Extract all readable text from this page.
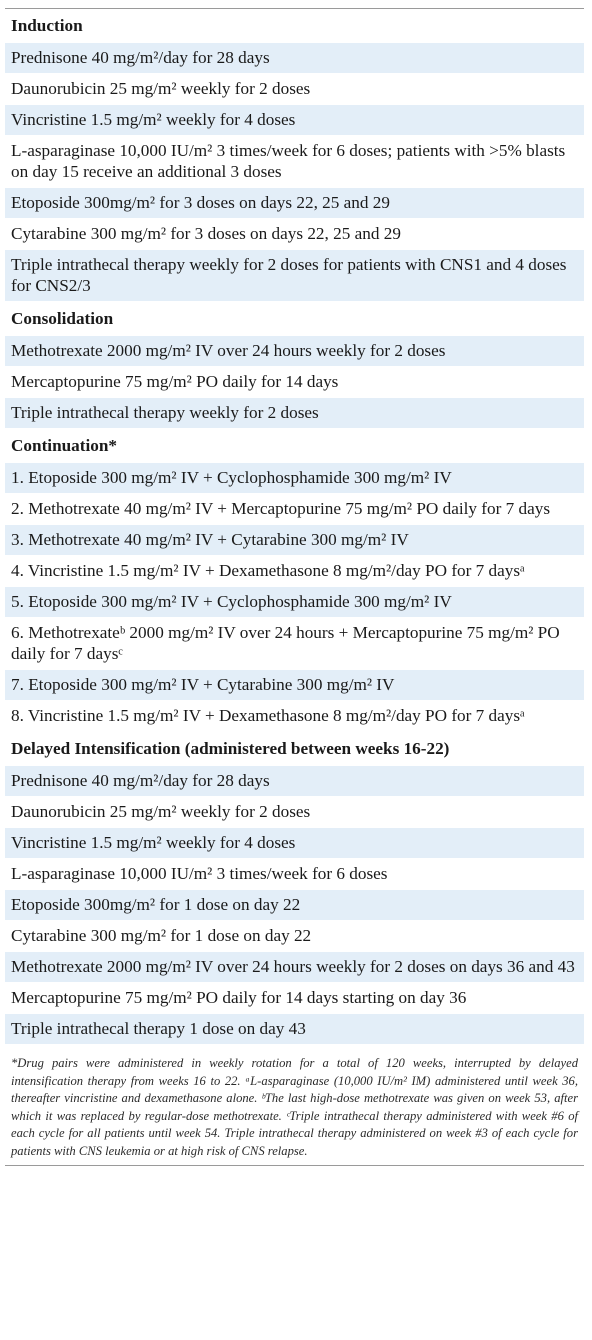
Induction
Prednisone 40 mg/m²/day for 28 days
Daunorubicin 25 mg/m² weekly for 2 doses
Vincristine 1.5 mg/m² weekly for 4 doses
L-asparaginase 10,000 IU/m² 3 times/week for 6 doses; patients with >5% blasts on day 15 receive an additional 3 doses
Etoposide 300mg/m² for 3 doses on days 22, 25 and 29
Cytarabine 300 mg/m² for 3 doses on days 22, 25 and 29
Triple intrathecal therapy weekly for 2 doses for patients with CNS1 and 4 doses for CNS2/3
Consolidation
Methotrexate 2000 mg/m² IV over 24 hours weekly for 2 doses
Mercaptopurine 75 mg/m² PO daily for 14 days
Triple intrathecal therapy weekly for 2 doses
Continuation*
1. Etoposide 300 mg/m² IV + Cyclophosphamide 300 mg/m² IV
2. Methotrexate 40 mg/m² IV + Mercaptopurine 75 mg/m² PO daily for 7 days
3. Methotrexate 40 mg/m² IV + Cytarabine 300 mg/m² IV
4. Vincristine 1.5 mg/m² IV + Dexamethasone 8 mg/m²/day PO for 7 daysᵃ
5. Etoposide 300 mg/m² IV + Cyclophosphamide 300 mg/m² IV
6. Methotrexateᵇ 2000 mg/m² IV over 24 hours + Mercaptopurine 75 mg/m² PO daily for 7 daysᶜ
7. Etoposide 300 mg/m² IV + Cytarabine 300 mg/m² IV
8. Vincristine 1.5 mg/m² IV + Dexamethasone 8 mg/m²/day PO for 7 daysᵃ
Delayed Intensification (administered between weeks 16-22)
Prednisone 40 mg/m²/day for 28 days
Daunorubicin 25 mg/m² weekly for 2 doses
Vincristine 1.5 mg/m² weekly for 4 doses
L-asparaginase 10,000 IU/m² 3 times/week for 6 doses
Etoposide 300mg/m² for 1 dose on day 22
Cytarabine 300 mg/m² for 1 dose on day 22
Methotrexate 2000 mg/m² IV over 24 hours weekly for 2 doses on days 36 and 43
Mercaptopurine 75 mg/m² PO daily for 14 days starting on day 36
Triple intrathecal therapy 1 dose on day 43
*Drug pairs were administered in weekly rotation for a total of 120 weeks, interrupted by delayed intensification therapy from weeks 16 to 22. ᵃL-asparaginase (10,000 IU/m² IM) administered until week 36, thereafter vincristine and dexamethasone alone. ᵇThe last high-dose methotrexate was given on week 53, after which it was replaced by regular-dose methotrexate. ᶜTriple intrathecal therapy administered with week #6 of each cycle for all patients until week 54. Triple intrathecal therapy administered on week #3 of each cycle for patients with CNS leukemia or at high risk of CNS relapse.
